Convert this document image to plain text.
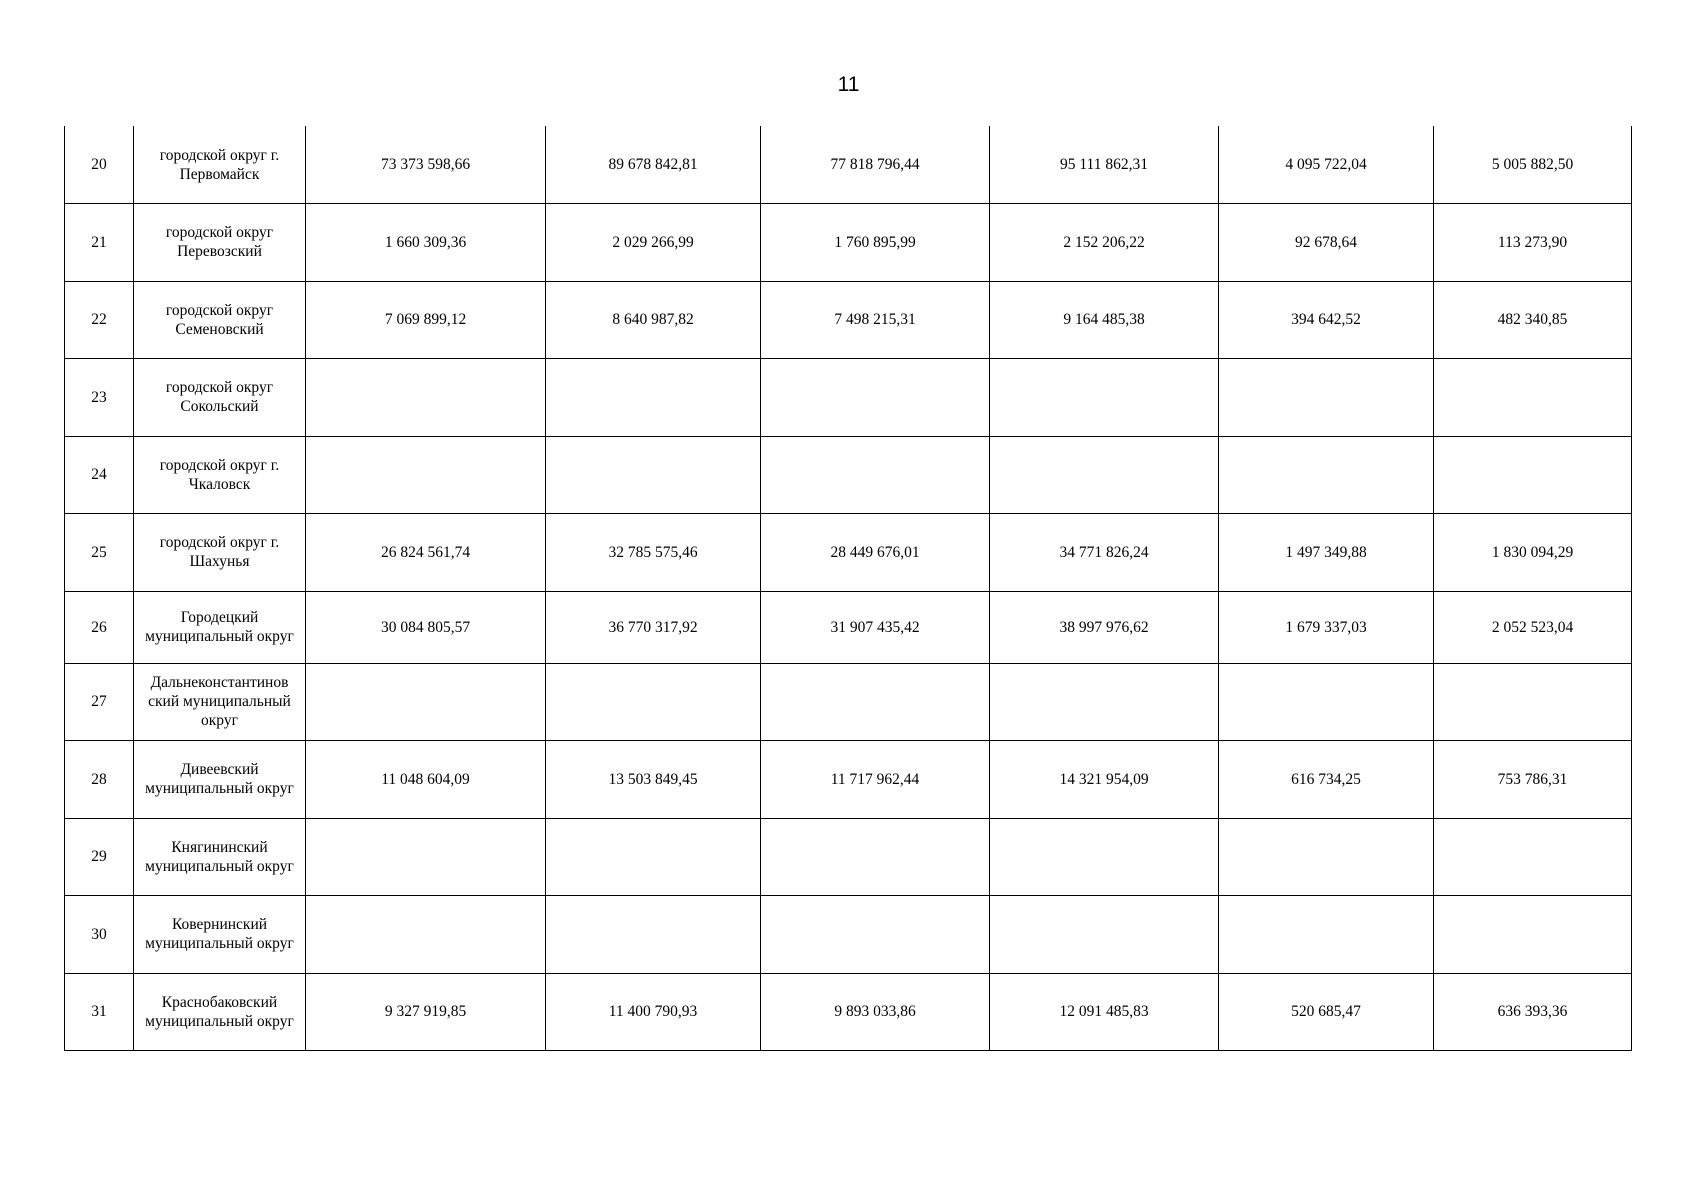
11
20	городской округ г. Первомайск	73 373 598,66	89 678 842,81	77 818 796,44	95 111 862,31	4 095 722,04	5 005 882,50
21	городской округ Перевозский	1 660 309,36	2 029 266,99	1 760 895,99	2 152 206,22	92 678,64	113 273,90
22	городской округ Семеновский	7 069 899,12	8 640 987,82	7 498 215,31	9 164 485,38	394 642,52	482 340,85
23	городской округ Сокольский						
24	городской округ г. Чкаловск						
25	городской округ г. Шахунья	26 824 561,74	32 785 575,46	28 449 676,01	34 771 826,24	1 497 349,88	1 830 094,29
26	Городецкий муниципальный округ	30 084 805,57	36 770 317,92	31 907 435,42	38 997 976,62	1 679 337,03	2 052 523,04
27	Дальнеконстантинов ский муниципальный округ						
28	Дивеевский муниципальный округ	11 048 604,09	13 503 849,45	11 717 962,44	14 321 954,09	616 734,25	753 786,31
29	Княгининский муниципальный округ						
30	Ковернинский муниципальный округ						
31	Краснобаковский муниципальный округ	9 327 919,85	11 400 790,93	9 893 033,86	12 091 485,83	520 685,47	636 393,36
